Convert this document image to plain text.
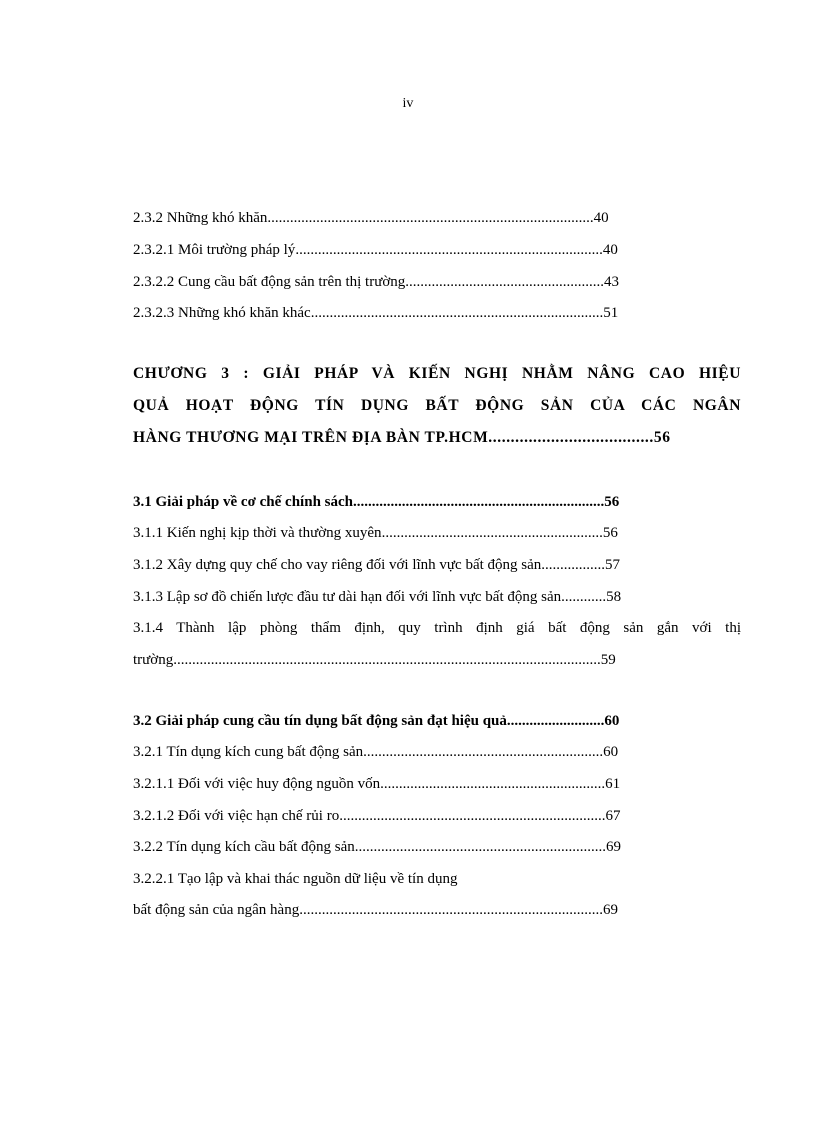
iv
2.3.2 Những khó khăn.......................................................................................40
2.3.2.1 Môi trường pháp lý..................................................................................40
2.3.2.2 Cung cầu bất động sản trên thị trường.....................................................43
2.3.2.3 Những khó khăn khác..............................................................................51
CHƯƠNG 3 : GIẢI PHÁP VÀ KIẾN NGHỊ NHẰM NÂNG CAO HIỆU
QUẢ HOẠT ĐỘNG TÍN DỤNG BẤT ĐỘNG SẢN CỦA CÁC NGÂN
HÀNG THƯƠNG MẠI TRÊN ĐỊA BÀN TP.HCM.....................................56
3.1 Giải pháp về cơ chế chính sách...................................................................56
3.1.1 Kiến nghị kịp thời và thường xuyên...........................................................56
3.1.2 Xây dựng quy chế cho vay riêng đối với lĩnh vực bất động sản.................57
3.1.3 Lập sơ đồ chiến lược đầu tư dài hạn đối với lĩnh vực bất động sản............58
3.1.4 Thành lập phòng thẩm định, quy trình định giá bất động sản gắn với thị
trường..................................................................................................................59
3.2 Giải pháp cung cầu tín dụng bất động sản đạt hiệu quả..........................60
3.2.1 Tín dụng kích cung bất động sản................................................................60
3.2.1.1 Đối với việc huy động nguồn vốn............................................................61
3.2.1.2 Đối với việc hạn chế rủi ro.......................................................................67
3.2.2 Tín dụng kích cầu bất động sản...................................................................69
3.2.2.1 Tạo lập và khai thác nguồn dữ liệu về tín dụng
bất động sản của ngân hàng.................................................................................69
